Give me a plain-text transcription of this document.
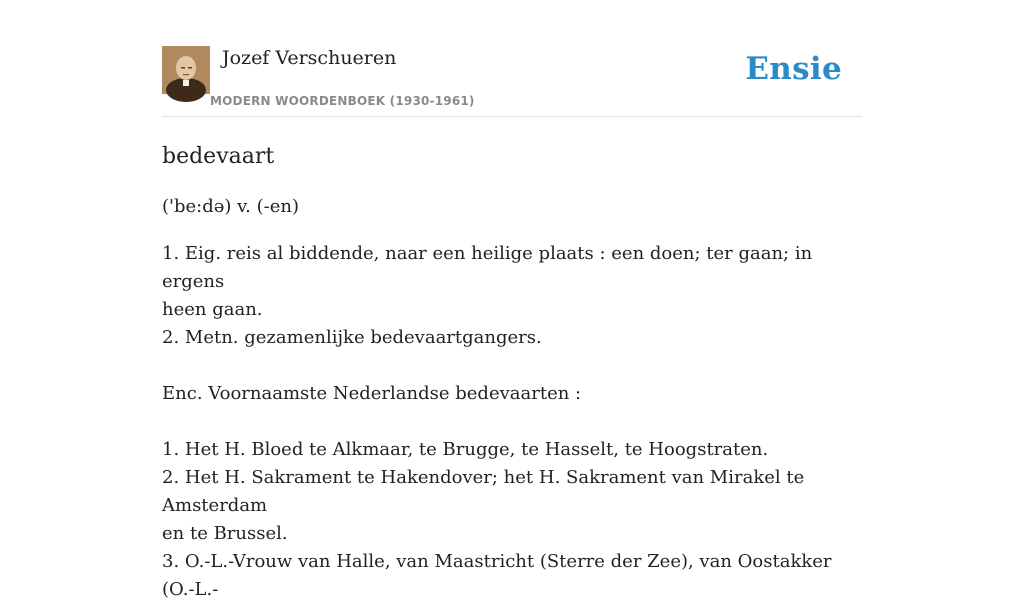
Jozef Verschueren
MODERN WOORDENBOEK (1930-1961)
Ensie
bedevaart
('be:də) v. (-en)
1. Eig. reis al biddende, naar een heilige plaats : een doen; ter gaan; in ergens
heen gaan.
2. Metn. gezamenlijke bedevaartgangers.
Enc. Voornaamste Nederlandse bedevaarten :
1. Het H. Bloed te Alkmaar, te Brugge, te Hasselt, te Hoogstraten.
2. Het H. Sakrament te Hakendover; het H. Sakrament van Mirakel te Amsterdam
en te Brussel.
3. O.-L.-Vrouw van Halle, van Maastricht (Sterre der Zee), van Oostakker (O.-L.-
